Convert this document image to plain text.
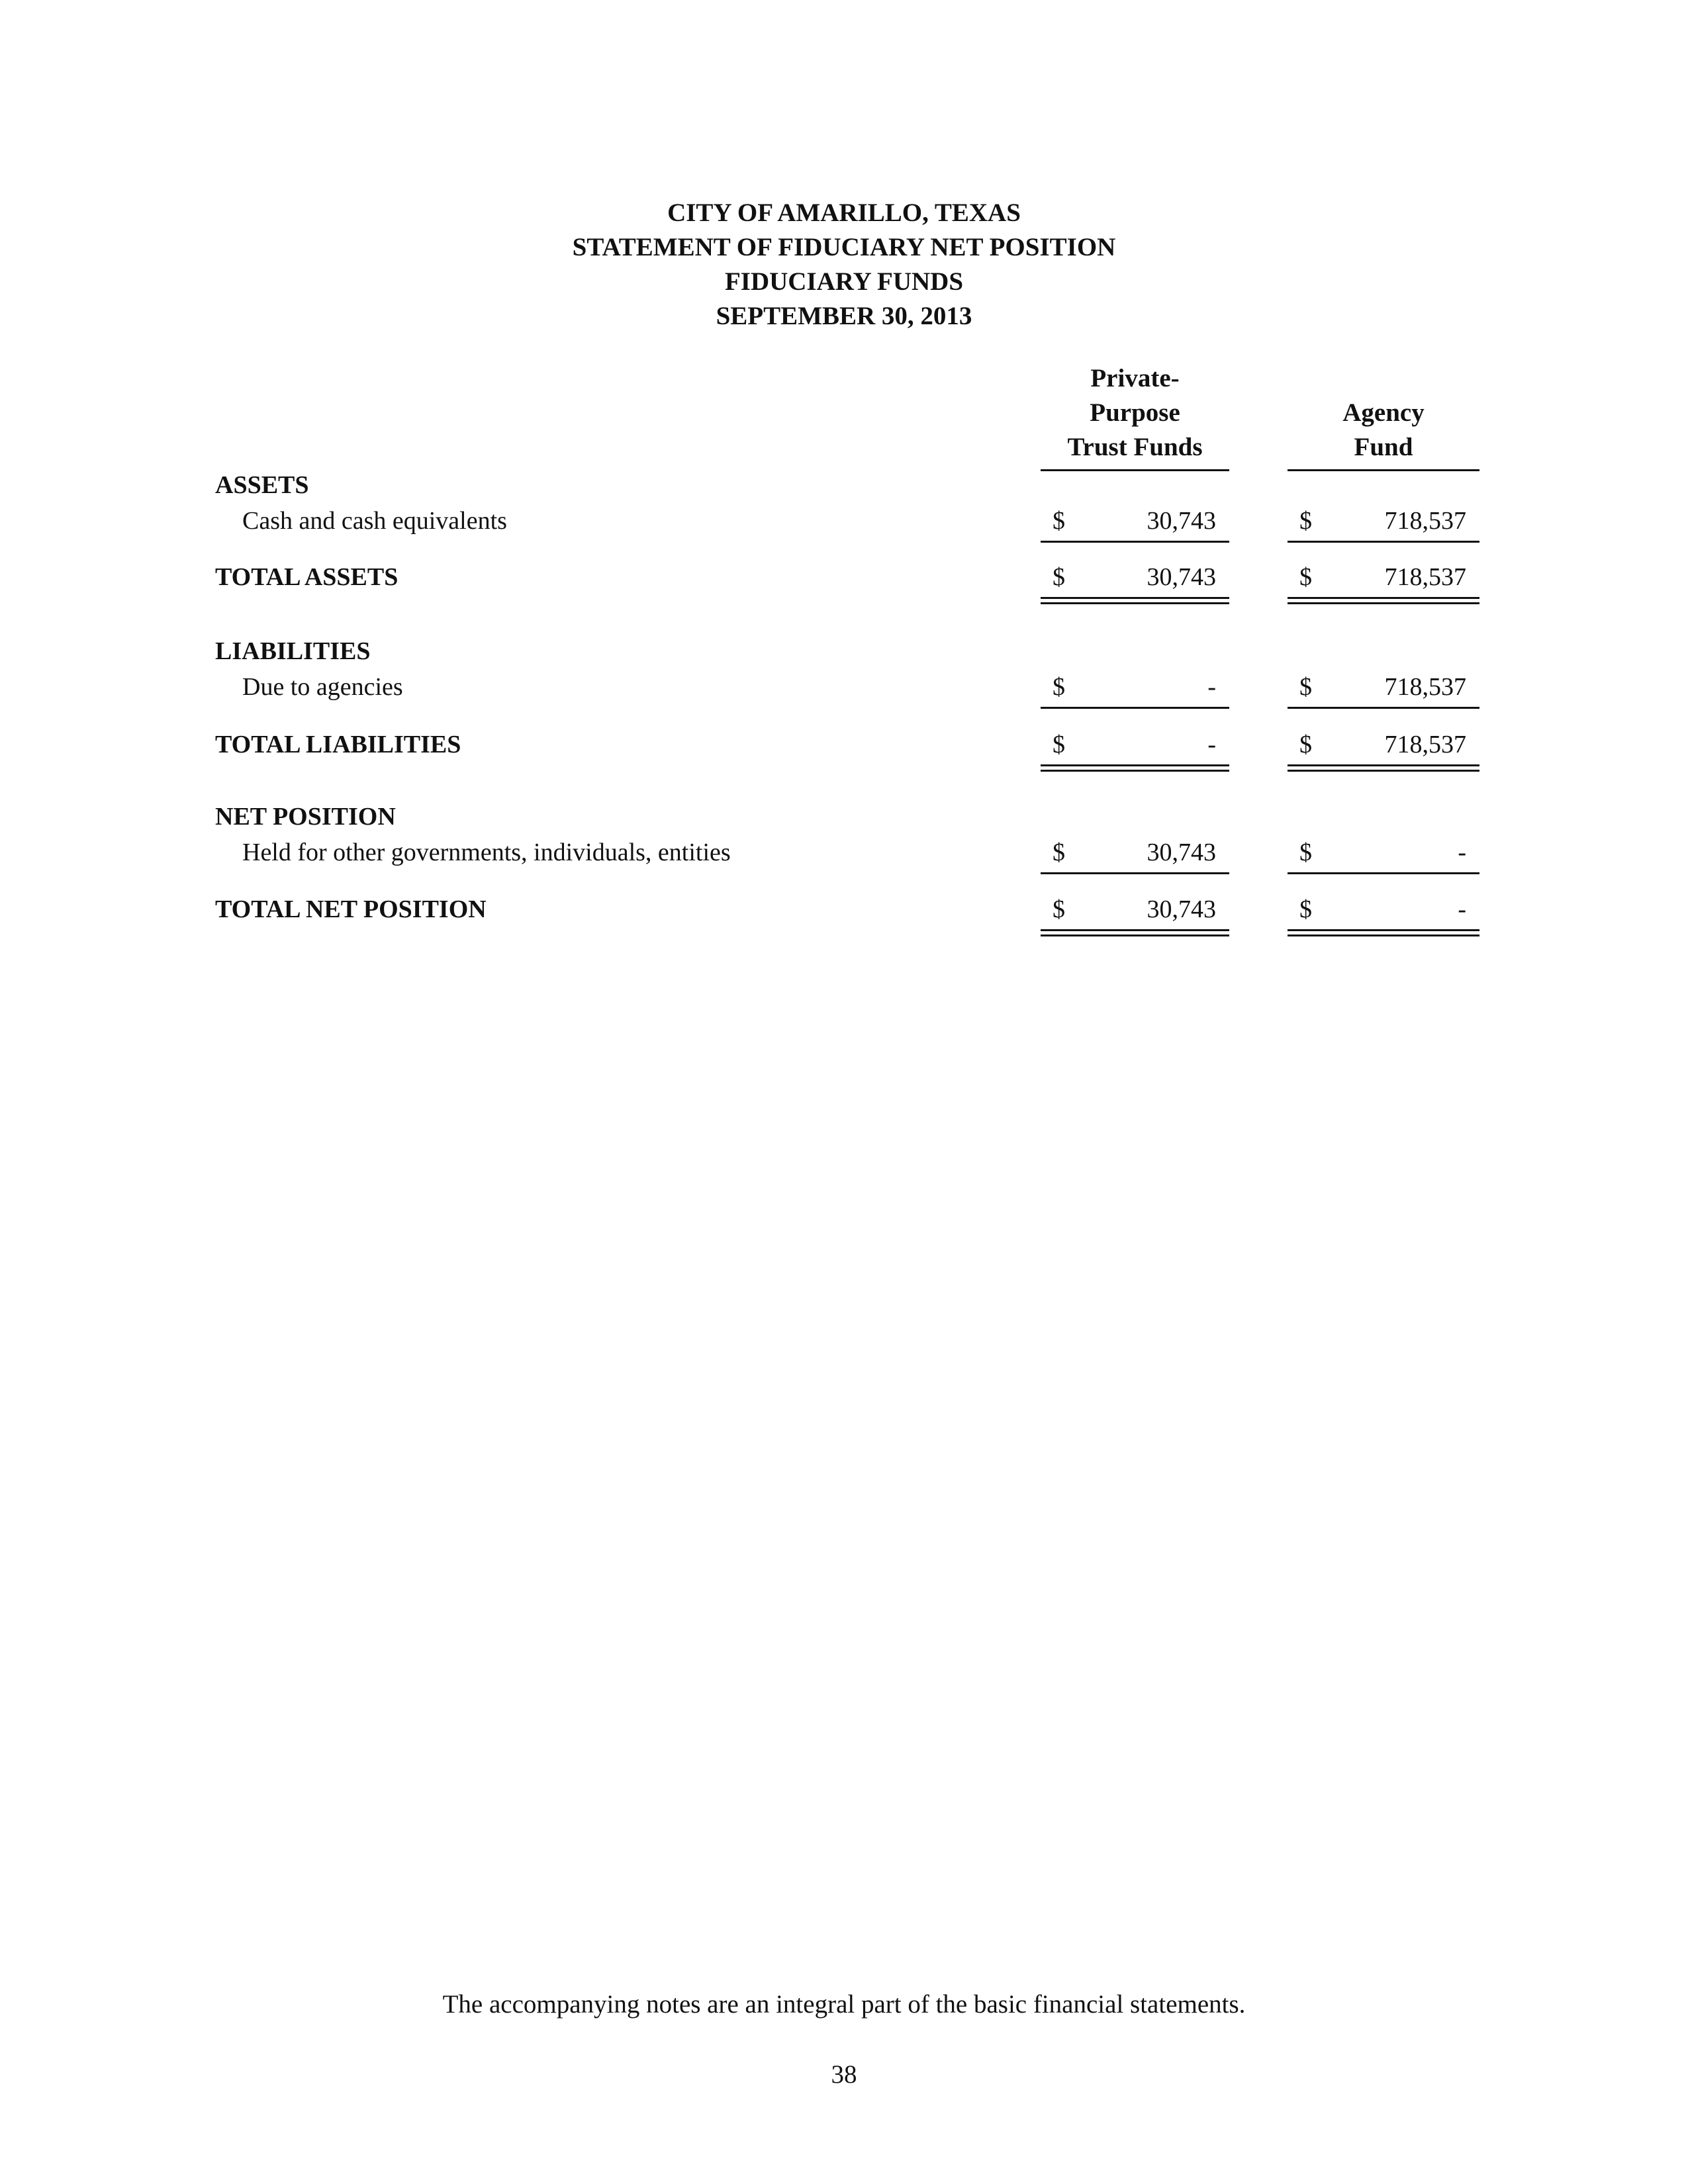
CITY OF AMARILLO, TEXAS
STATEMENT OF FIDUCIARY NET POSITION
FIDUCIARY FUNDS
SEPTEMBER 30, 2013
Private-
Purpose
Trust Funds
Agency
Fund
ASSETS
Cash and cash equivalents	$	30,743	$	718,537
TOTAL ASSETS	$	30,743	$	718,537
LIABILITIES
Due to agencies	$	-	$	718,537
TOTAL LIABILITIES	$	-	$	718,537
NET POSITION
Held for other governments, individuals, entities	$	30,743	$	-
TOTAL NET POSITION	$	30,743	$	-
The accompanying notes are an integral part of the basic financial statements.
38
